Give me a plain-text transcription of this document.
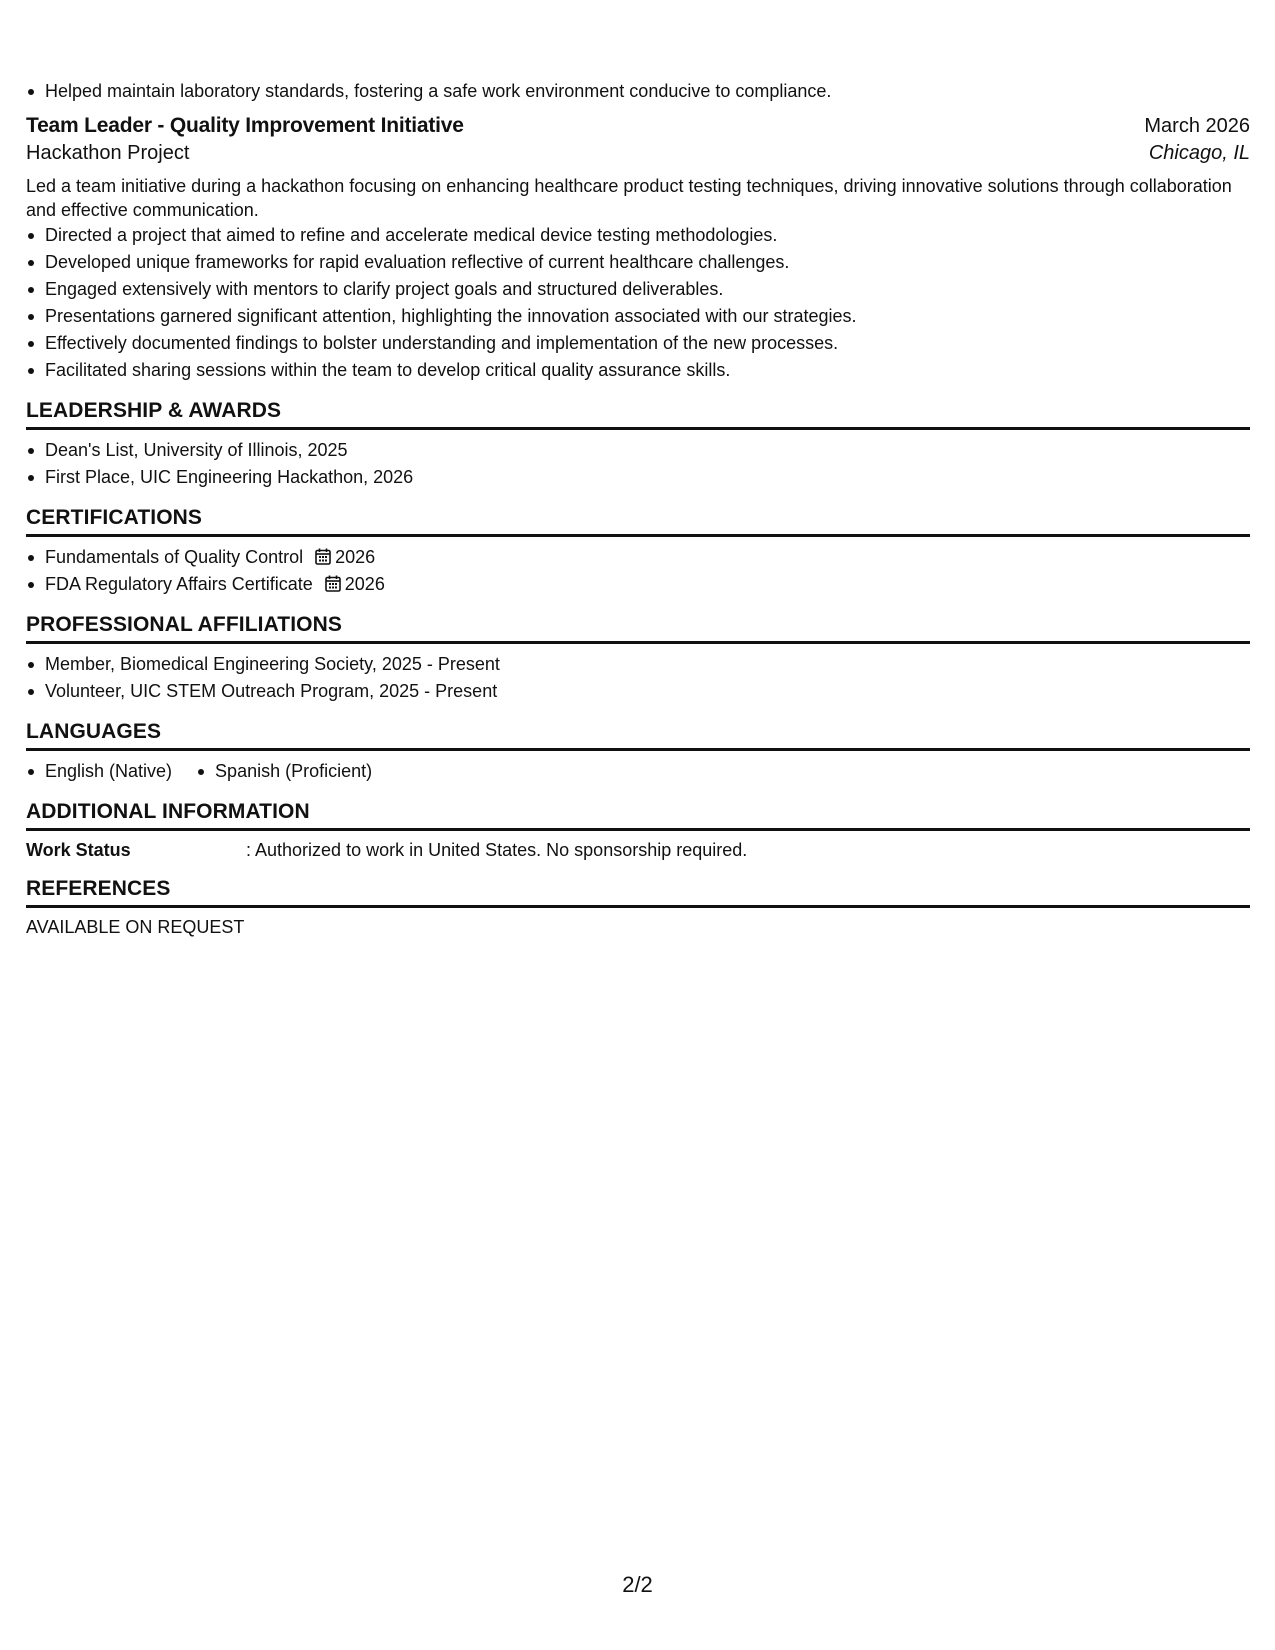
Helped maintain laboratory standards, fostering a safe work environment conducive to compliance.
Team Leader - Quality Improvement Initiative	March 2026
Hackathon Project	Chicago, IL
Led a team initiative during a hackathon focusing on enhancing healthcare product testing techniques, driving innovative solutions through collaboration and effective communication.
Directed a project that aimed to refine and accelerate medical device testing methodologies.
Developed unique frameworks for rapid evaluation reflective of current healthcare challenges.
Engaged extensively with mentors to clarify project goals and structured deliverables.
Presentations garnered significant attention, highlighting the innovation associated with our strategies.
Effectively documented findings to bolster understanding and implementation of the new processes.
Facilitated sharing sessions within the team to develop critical quality assurance skills.
LEADERSHIP & AWARDS
Dean's List, University of Illinois, 2025
First Place, UIC Engineering Hackathon, 2026
CERTIFICATIONS
Fundamentals of Quality Control 2026
FDA Regulatory Affairs Certificate 2026
PROFESSIONAL AFFILIATIONS
Member, Biomedical Engineering Society, 2025 - Present
Volunteer, UIC STEM Outreach Program, 2025 - Present
LANGUAGES
English (Native)	Spanish (Proficient)
ADDITIONAL INFORMATION
Work Status	: Authorized to work in United States. No sponsorship required.
REFERENCES
AVAILABLE ON REQUEST
2/2
